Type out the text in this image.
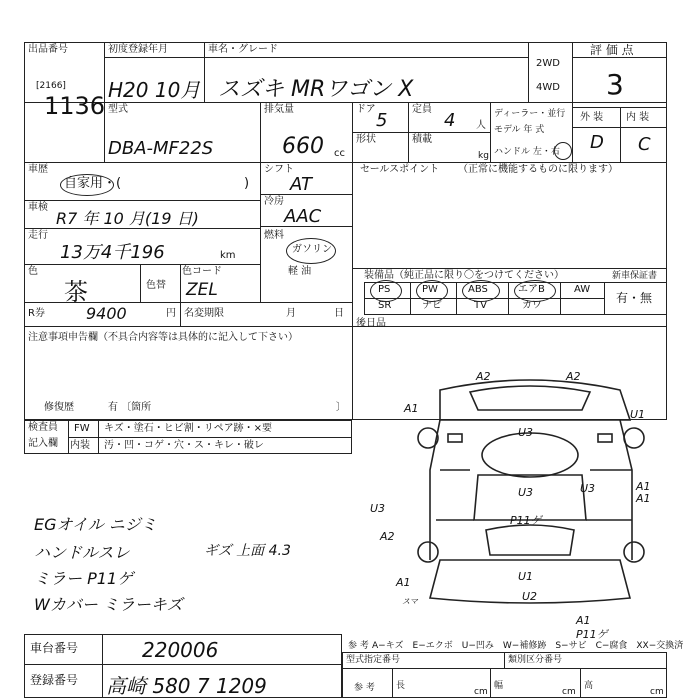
出品番号
[2166]
1136
初度登録年月
H20 10月
車名・グレード
スズキ MRワゴン X
2WD
4WD
評 価 点
3
型式
DBA-MF22S
排気量
660 cc
ドア
5
形状
定員
4 人
積載
kg
ディーラー・並行
モデル 年 式
ハンドル 左・右
外 装 内 装
D C
車歴
自家用・(	)
車検
R7 年 10 月(19 日)
走行
13万4千196	km
色
茶	色替
色コード
ZEL
シフト
AT
冷房
AAC
燃料
ガソリン
軽 油
R券	9400	円 名変期限	月	日
セールスポイント （正常に機能するものに限ります）
装備品（純正品に限り〇をつけてください）	新車保証書
PS	PW	ABS	エアB	AW
SR	ナビ	TV	カワ
有・無
後日品
注意事項申告欄（不具合内容等は具体的に記入して下さい）
修復歴	有 〔箇所	〕
検査員
記入欄
FW キズ・塗石・ヒビ割・リペア跡・×要
内装 汚・凹・コゲ・穴・ス・キレ・破レ
EGオイル ニジミ
ハンドルスレ
ミラー P11ゲ
Wカバー ミラーキズ
ギズ 上面 4.3
A2	A2
A1	U1
A1
A1
U3
U3
U3
U3
A2
P11ゲ
A1	U1
U2
A1
P11ゲ
スマ
A−キズ　E−エクボ　U−凹み　W−補修跡　S−サビ　C−腐食　XX−交換済
参 考
車台番号	220006
登録番号 高崎 580 7 1209
型式指定番号	類別区分番号
参 考 長
cm
幅
cm
高
cm
